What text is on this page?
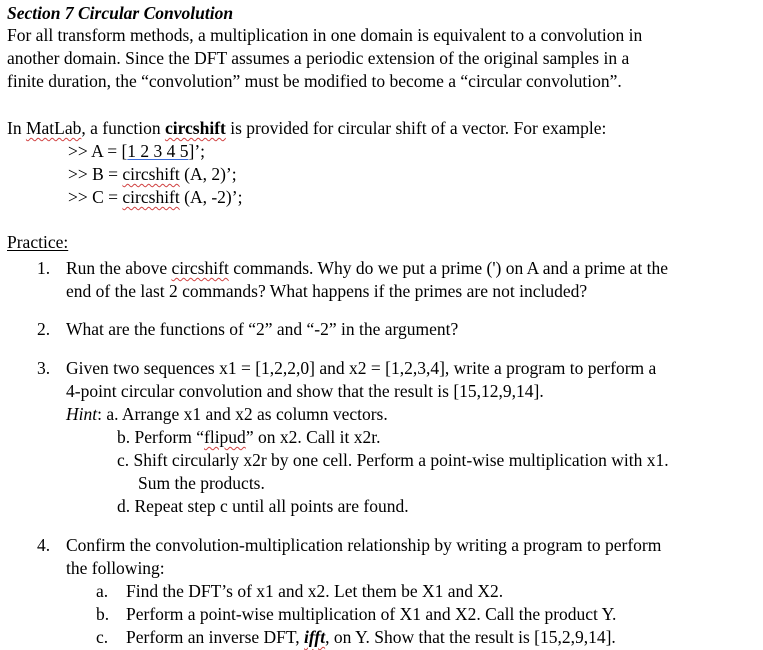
Section 7 Circular Convolution
For all transform methods, a multiplication in one domain is equivalent to a convolution in
another domain. Since the DFT assumes a periodic extension of the original samples in a
finite duration, the “convolution” must be modified to become a “circular convolution”.
In MatLab, a function circshift is provided for circular shift of a vector. For example:
>> A = [1 2 3 4 5]’;
>> B = circshift (A, 2)’;
>> C = circshift (A, -2)’;
Practice:
1. Run the above circshift commands. Why do we put a prime (') on A and a prime at the
end of the last 2 commands? What happens if the primes are not included?
2. What are the functions of “2” and “-2” in the argument?
3. Given two sequences x1 = [1,2,2,0] and x2 = [1,2,3,4], write a program to perform a
4-point circular convolution and show that the result is [15,12,9,14].
Hint: a. Arrange x1 and x2 as column vectors.
b. Perform “flipud” on x2. Call it x2r.
c. Shift circularly x2r by one cell. Perform a point-wise multiplication with x1.
Sum the products.
d. Repeat step c until all points are found.
4. Confirm the convolution-multiplication relationship by writing a program to perform
the following:
a. Find the DFT’s of x1 and x2. Let them be X1 and X2.
b. Perform a point-wise multiplication of X1 and X2. Call the product Y.
c. Perform an inverse DFT, ifft, on Y. Show that the result is [15,2,9,14].
